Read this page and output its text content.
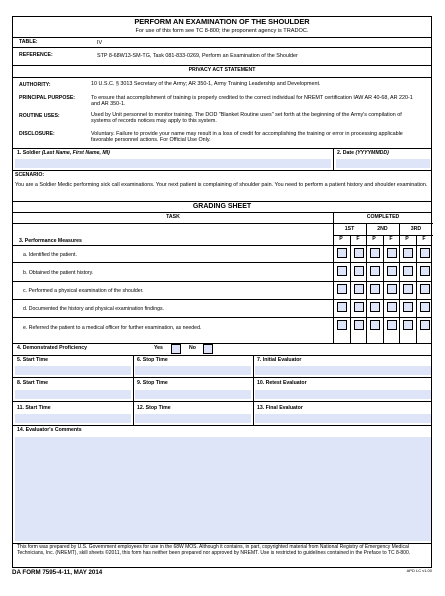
PERFORM AN EXAMINATION OF THE SHOULDER
For use of this form see TC 8-800; the proponent agency is TRADOC.
TABLE:	IV
REFERENCE:	STP 8-68W13-SM-TG, Task 081-833-0269, Perform an Examination of the Shoulder
PRIVACY ACT STATEMENT
AUTHORITY:	10 U.S.C. § 3013 Secretary of the Army; AR 350-1, Army Training Leadership and Development.
PRINCIPAL PURPOSE:	To ensure that accomplishment of training is properly credited to the correct individual for NREMT certification IAW AR 40-68, AR 220-1 and AR 350-1.
ROUTINE USES:	Used by Unit personnel to monitor training. The DOD "Blanket Routine uses" set forth at the beginning of the Army's compilation of systems of records notices may apply to this system.
DISCLOSURE:	Voluntary. Failure to provide your name may result in a loss of credit for accomplishing the training or error in processing applicable favorable personnel actions. For Official Use Only.
1. Soldier (Last Name, First Name, MI)	2. Date (YYYYMMDD)
SCENARIO:
You are a Soldier Medic performing sick call examinations. Your next patient is complaining of shoulder pain. You need to perform a patient history and shoulder examination.
GRADING SHEET
TASK	COMPLETED
1ST	2ND	3RD
3. Performance Measures	P	F	P	F	P	F
a. Identified the patient.
b. Obtained the patient history.
c. Performed a physical examination of the shoulder.
d. Documented the history and physical examination findings.
e. Referred the patient to a medical officer for further examination, as needed.
4. Demonstrated Proficiency	Yes	No
5. Start Time	6. Stop Time	7. Initial Evaluator
8. Start Time	9. Stop Time	10. Retest Evaluator
11. Start Time	12. Stop Time	13. Final Evaluator
14. Evaluator's Comments
This form was prepared by U.S. Government employees for use in the 68W MOS. Although it contains, in part, copyrighted material from National Registry of Emergency Medical Technicians, Inc. (NREMT), skill sheets ©2011, this form has neither been prepared nor approved by NREMT. Use is restricted to guidelines contained in the Preface to TC 8-800.
DA FORM 7595-4-11, MAY 2014	APD LC v1.00
